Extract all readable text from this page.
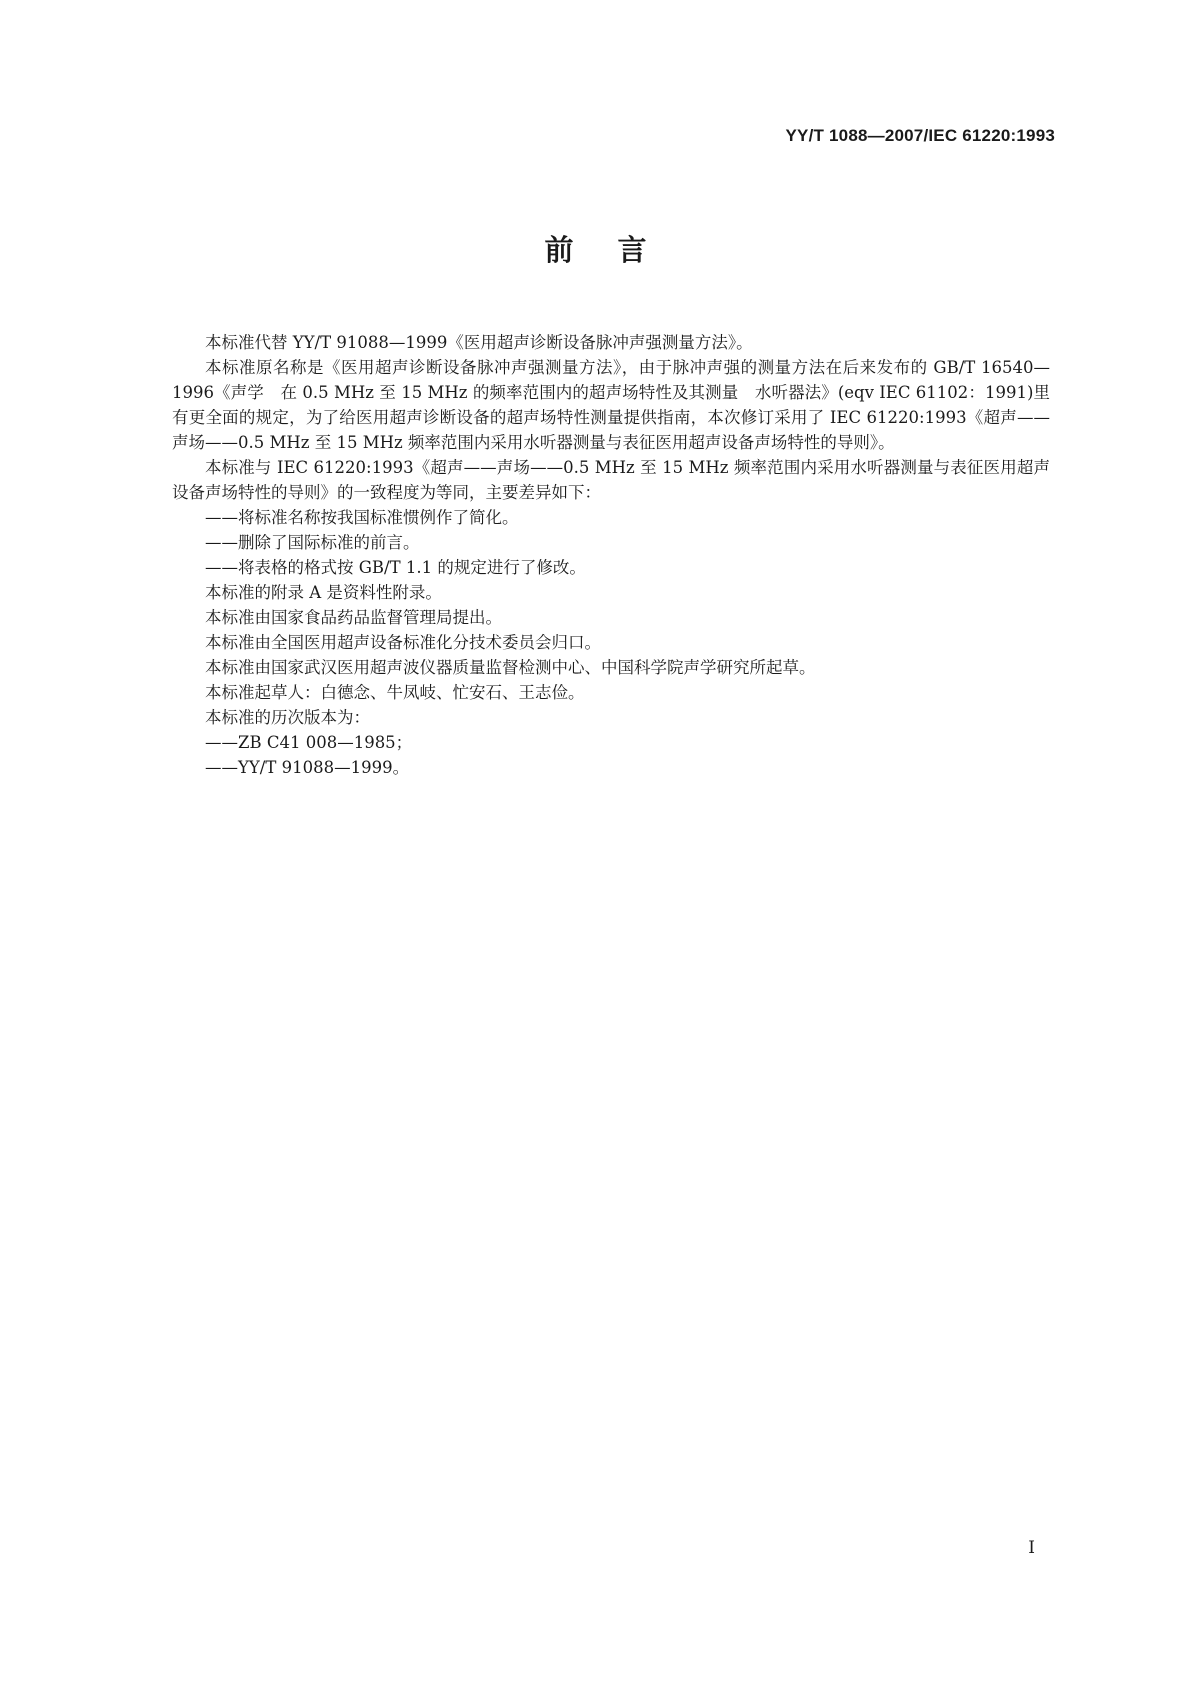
YY/T 1088—2007/IEC 61220:1993
前言

本标准代替 YY/T 91088—1999《医用超声诊断设备脉冲声强测量方法》。

本标准原名称是《医用超声诊断设备脉冲声强测量方法》，由于脉冲声强的测量方法在后来发布的 GB/T 16540—1996《声学　在 0.5 MHz 至 15 MHz 的频率范围内的超声场特性及其测量　水听器法》(eqv IEC 61102：1991)里有更全面的规定，为了给医用超声诊断设备的超声场特性测量提供指南，本次修订采用了 IEC 61220:1993《超声——声场——0.5 MHz 至 15 MHz 频率范围内采用水听器测量与表征医用超声设备声场特性的导则》。

本标准与 IEC 61220:1993《超声——声场——0.5 MHz 至 15 MHz 频率范围内采用水听器测量与表征医用超声设备声场特性的导则》的一致程度为等同，主要差异如下：

——将标准名称按我国标准惯例作了简化。

——删除了国际标准的前言。

——将表格的格式按 GB/T 1.1 的规定进行了修改。

本标准的附录 A 是资料性附录。

本标准由国家食品药品监督管理局提出。

本标准由全国医用超声设备标准化分技术委员会归口。

本标准由国家武汉医用超声波仪器质量监督检测中心、中国科学院声学研究所起草。

本标准起草人：白德念、牛凤岐、忙安石、王志俭。

本标准的历次版本为：

——ZB C41 008—1985；

——YY/T 91088—1999。

I
